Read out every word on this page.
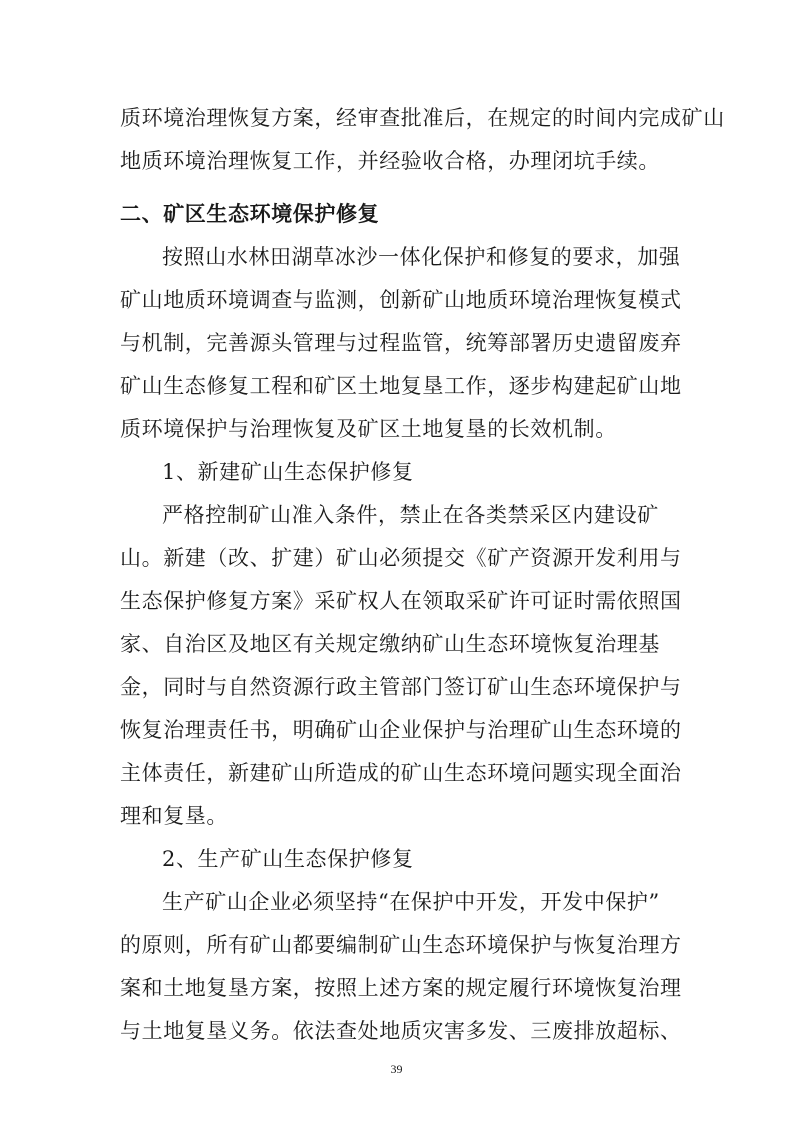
质环境治理恢复方案，经审查批准后，在规定的时间内完成矿山
地质环境治理恢复工作，并经验收合格，办理闭坑手续。
二、矿区生态环境保护修复
按照山水林田湖草冰沙一体化保护和修复的要求，加强
矿山地质环境调查与监测，创新矿山地质环境治理恢复模式
与机制，完善源头管理与过程监管，统筹部署历史遗留废弃
矿山生态修复工程和矿区土地复垦工作，逐步构建起矿山地
质环境保护与治理恢复及矿区土地复垦的长效机制。
1、新建矿山生态保护修复
严格控制矿山准入条件，禁止在各类禁采区内建设矿
山。新建（改、扩建）矿山必须提交《矿产资源开发利用与
生态保护修复方案》采矿权人在领取采矿许可证时需依照国
家、自治区及地区有关规定缴纳矿山生态环境恢复治理基
金，同时与自然资源行政主管部门签订矿山生态环境保护与
恢复治理责任书，明确矿山企业保护与治理矿山生态环境的
主体责任，新建矿山所造成的矿山生态环境问题实现全面治
理和复垦。
2、生产矿山生态保护修复
生产矿山企业必须坚持“在保护中开发，开发中保护”
的原则，所有矿山都要编制矿山生态环境保护与恢复治理方
案和土地复垦方案，按照上述方案的规定履行环境恢复治理
与土地复垦义务。依法查处地质灾害多发、三废排放超标、
39
